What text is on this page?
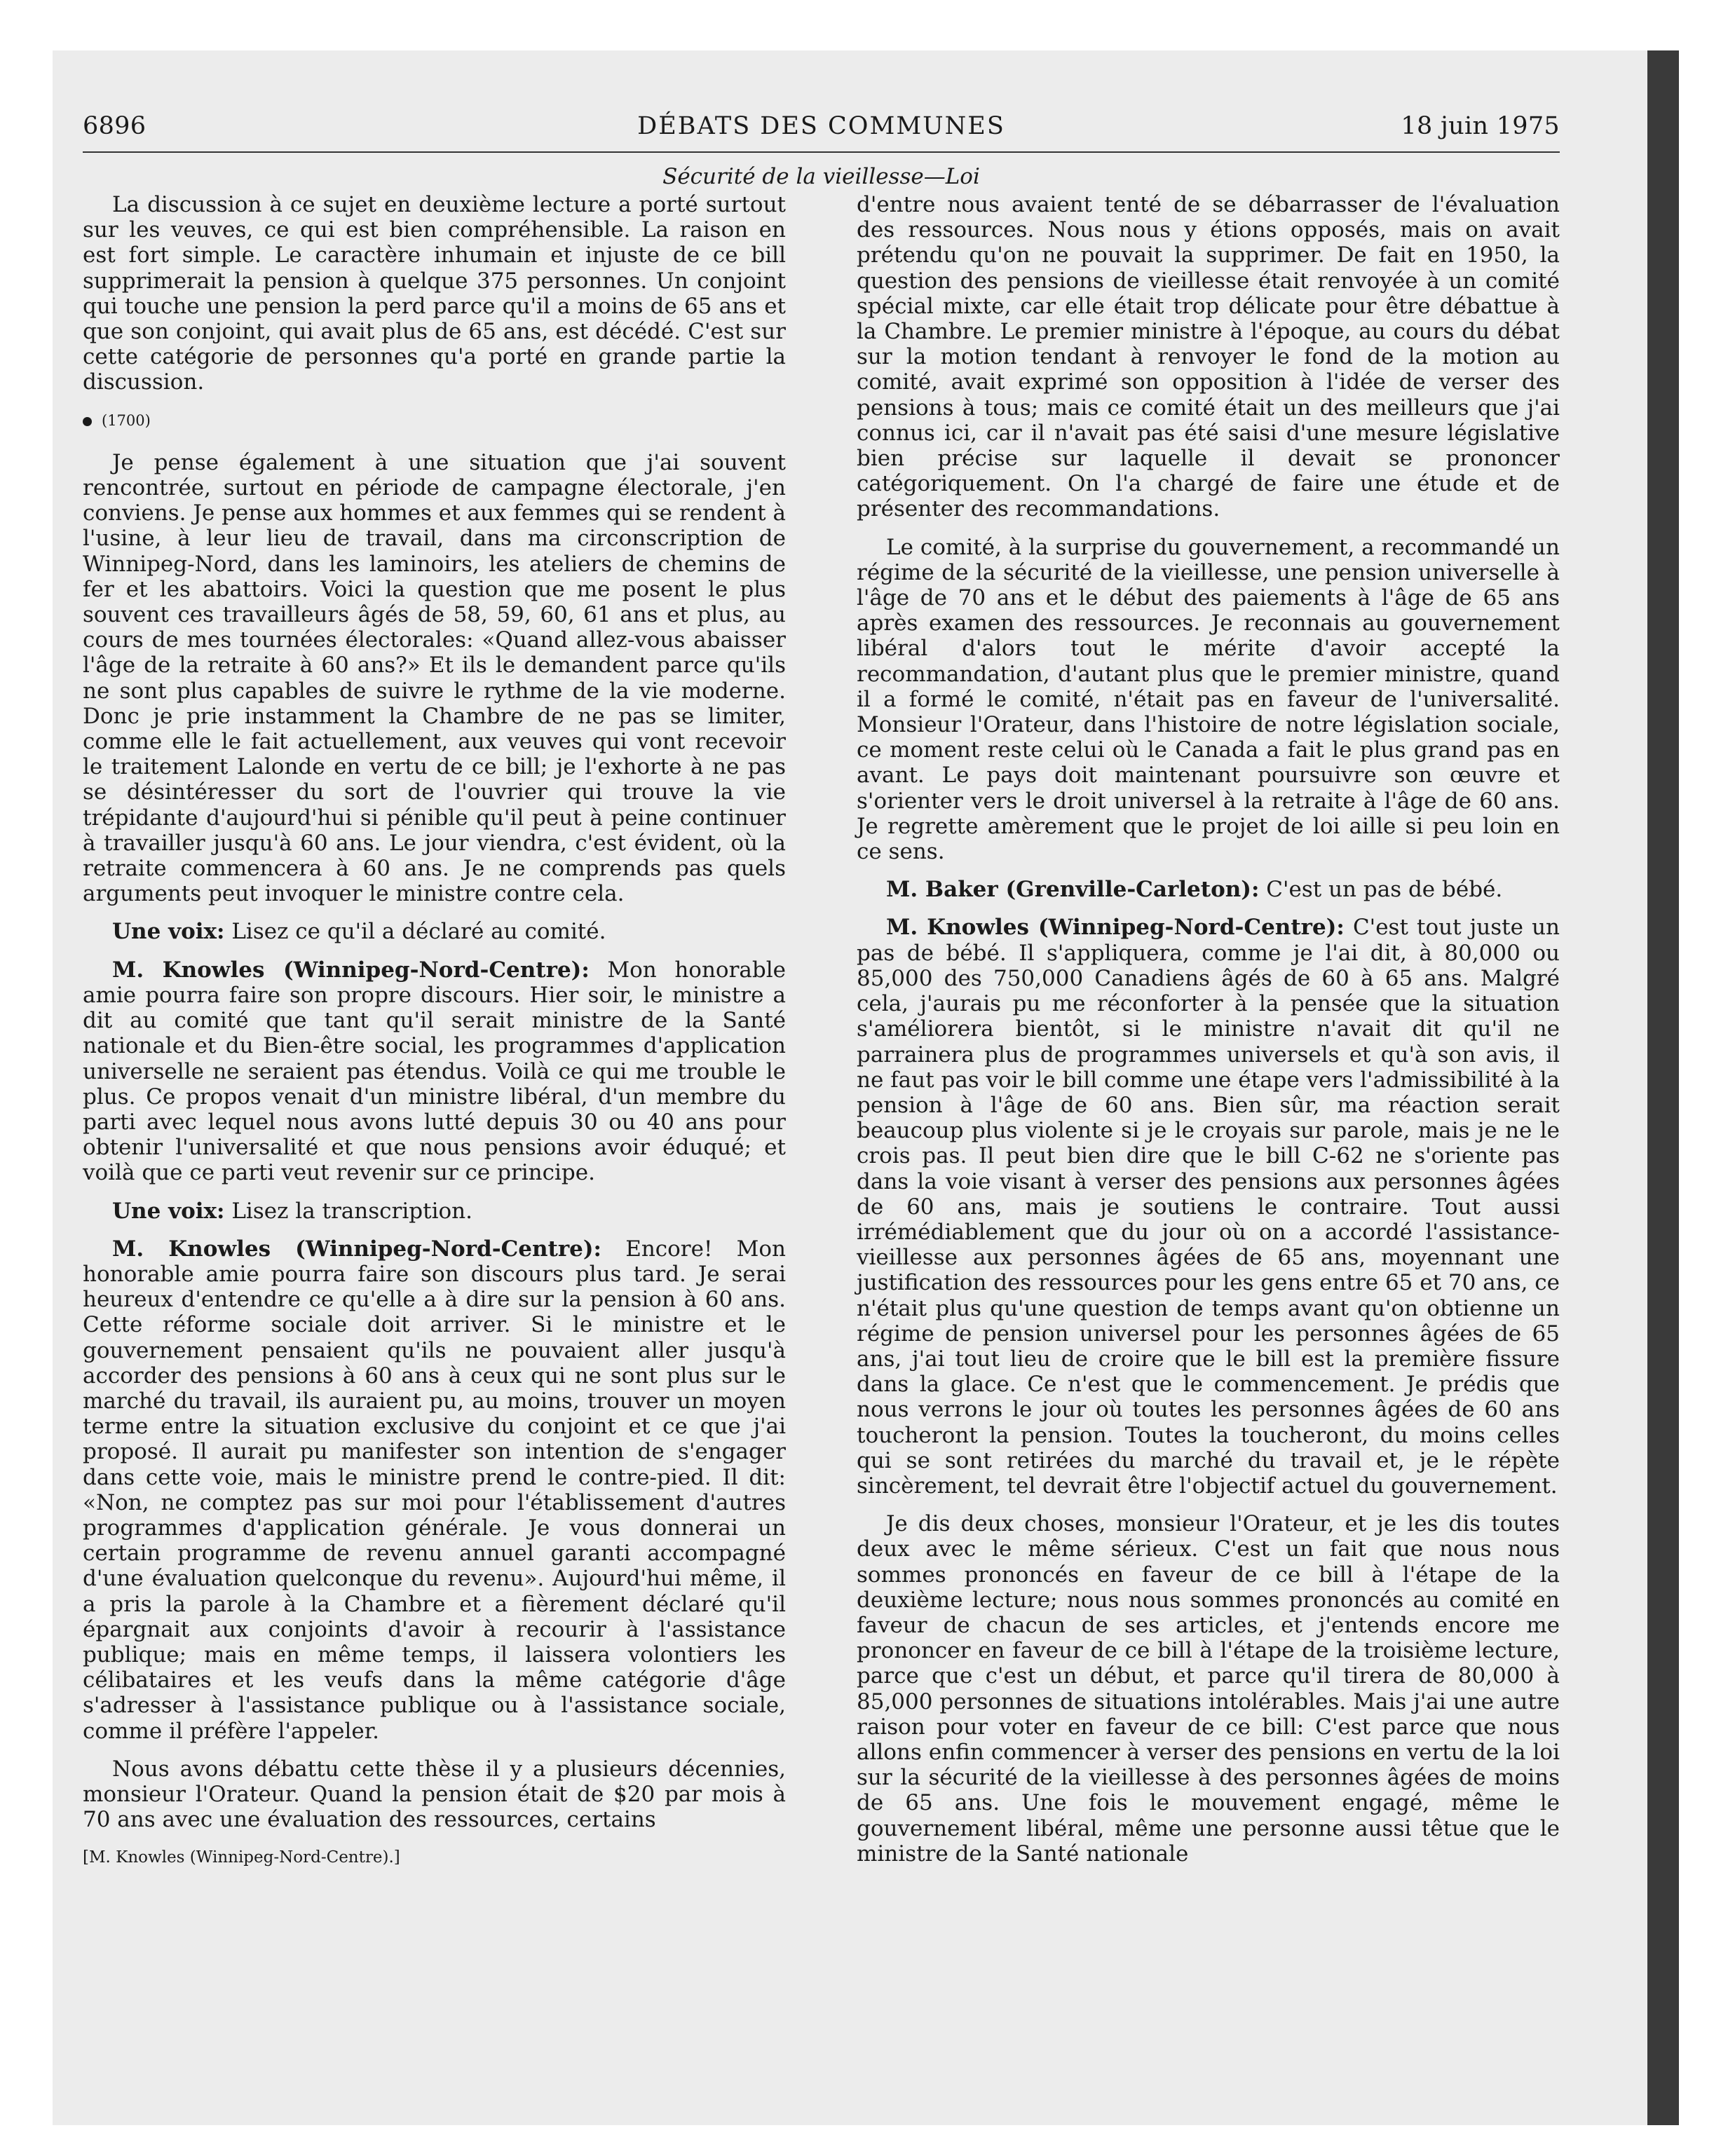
6896	DÉBATS DES COMMUNES	18 juin 1975
Sécurité de la vieillesse—Loi

La discussion à ce sujet en deuxième lecture a porté surtout sur les veuves, ce qui est bien compréhensible. La raison en est fort simple. Le caractère inhumain et injuste de ce bill supprimerait la pension à quelque 375 personnes. Un conjoint qui touche une pension la perd parce qu'il a moins de 65 ans et que son conjoint, qui avait plus de 65 ans, est décédé. C'est sur cette catégorie de personnes qu'a porté en grande partie la discussion.

(1700)

Je pense également à une situation que j'ai souvent rencontrée, surtout en période de campagne électorale, j'en conviens. Je pense aux hommes et aux femmes qui se rendent à l'usine, à leur lieu de travail, dans ma circonscription de Winnipeg-Nord, dans les laminoirs, les ateliers de chemins de fer et les abattoirs. Voici la question que me posent le plus souvent ces travailleurs âgés de 58, 59, 60, 61 ans et plus, au cours de mes tournées électorales: «Quand allez-vous abaisser l'âge de la retraite à 60 ans?» Et ils le demandent parce qu'ils ne sont plus capables de suivre le rythme de la vie moderne. Donc je prie instamment la Chambre de ne pas se limiter, comme elle le fait actuellement, aux veuves qui vont recevoir le traitement Lalonde en vertu de ce bill; je l'exhorte à ne pas se désintéresser du sort de l'ouvrier qui trouve la vie trépidante d'aujourd'hui si pénible qu'il peut à peine continuer à travailler jusqu'à 60 ans. Le jour viendra, c'est évident, où la retraite commencera à 60 ans. Je ne comprends pas quels arguments peut invoquer le ministre contre cela.

Une voix: Lisez ce qu'il a déclaré au comité.

M. Knowles (Winnipeg-Nord-Centre): Mon honorable amie pourra faire son propre discours. Hier soir, le ministre a dit au comité que tant qu'il serait ministre de la Santé nationale et du Bien-être social, les programmes d'application universelle ne seraient pas étendus. Voilà ce qui me trouble le plus. Ce propos venait d'un ministre libéral, d'un membre du parti avec lequel nous avons lutté depuis 30 ou 40 ans pour obtenir l'universalité et que nous pensions avoir éduqué; et voilà que ce parti veut revenir sur ce principe.

Une voix: Lisez la transcription.

M. Knowles (Winnipeg-Nord-Centre): Encore! Mon honorable amie pourra faire son discours plus tard. Je serai heureux d'entendre ce qu'elle a à dire sur la pension à 60 ans. Cette réforme sociale doit arriver. Si le ministre et le gouvernement pensaient qu'ils ne pouvaient aller jusqu'à accorder des pensions à 60 ans à ceux qui ne sont plus sur le marché du travail, ils auraient pu, au moins, trouver un moyen terme entre la situation exclusive du conjoint et ce que j'ai proposé. Il aurait pu manifester son intention de s'engager dans cette voie, mais le ministre prend le contre-pied. Il dit: «Non, ne comptez pas sur moi pour l'établissement d'autres programmes d'application générale. Je vous donnerai un certain programme de revenu annuel garanti accompagné d'une évaluation quelconque du revenu». Aujourd'hui même, il a pris la parole à la Chambre et a fièrement déclaré qu'il épargnait aux conjoints d'avoir à recourir à l'assistance publique; mais en même temps, il laissera volontiers les célibataires et les veufs dans la même catégorie d'âge s'adresser à l'assistance publique ou à l'assistance sociale, comme il préfère l'appeler.

Nous avons débattu cette thèse il y a plusieurs décennies, monsieur l'Orateur. Quand la pension était de $20 par mois à 70 ans avec une évaluation des ressources, certains

[M. Knowles (Winnipeg-Nord-Centre).]

d'entre nous avaient tenté de se débarrasser de l'évaluation des ressources. Nous nous y étions opposés, mais on avait prétendu qu'on ne pouvait la supprimer. De fait en 1950, la question des pensions de vieillesse était renvoyée à un comité spécial mixte, car elle était trop délicate pour être débattue à la Chambre. Le premier ministre à l'époque, au cours du débat sur la motion tendant à renvoyer le fond de la motion au comité, avait exprimé son opposition à l'idée de verser des pensions à tous; mais ce comité était un des meilleurs que j'ai connus ici, car il n'avait pas été saisi d'une mesure législative bien précise sur laquelle il devait se prononcer catégoriquement. On l'a chargé de faire une étude et de présenter des recommandations.

Le comité, à la surprise du gouvernement, a recommandé un régime de la sécurité de la vieillesse, une pension universelle à l'âge de 70 ans et le début des paiements à l'âge de 65 ans après examen des ressources. Je reconnais au gouvernement libéral d'alors tout le mérite d'avoir accepté la recommandation, d'autant plus que le premier ministre, quand il a formé le comité, n'était pas en faveur de l'universalité. Monsieur l'Orateur, dans l'histoire de notre législation sociale, ce moment reste celui où le Canada a fait le plus grand pas en avant. Le pays doit maintenant poursuivre son œuvre et s'orienter vers le droit universel à la retraite à l'âge de 60 ans. Je regrette amèrement que le projet de loi aille si peu loin en ce sens.

M. Baker (Grenville-Carleton): C'est un pas de bébé.

M. Knowles (Winnipeg-Nord-Centre): C'est tout juste un pas de bébé. Il s'appliquera, comme je l'ai dit, à 80,000 ou 85,000 des 750,000 Canadiens âgés de 60 à 65 ans. Malgré cela, j'aurais pu me réconforter à la pensée que la situation s'améliorera bientôt, si le ministre n'avait dit qu'il ne parrainera plus de programmes universels et qu'à son avis, il ne faut pas voir le bill comme une étape vers l'admissibilité à la pension à l'âge de 60 ans. Bien sûr, ma réaction serait beaucoup plus violente si je le croyais sur parole, mais je ne le crois pas. Il peut bien dire que le bill C-62 ne s'oriente pas dans la voie visant à verser des pensions aux personnes âgées de 60 ans, mais je soutiens le contraire. Tout aussi irrémédiablement que du jour où on a accordé l'assistance-vieillesse aux personnes âgées de 65 ans, moyennant une justification des ressources pour les gens entre 65 et 70 ans, ce n'était plus qu'une question de temps avant qu'on obtienne un régime de pension universel pour les personnes âgées de 65 ans, j'ai tout lieu de croire que le bill est la première fissure dans la glace. Ce n'est que le commencement. Je prédis que nous verrons le jour où toutes les personnes âgées de 60 ans toucheront la pension. Toutes la toucheront, du moins celles qui se sont retirées du marché du travail et, je le répète sincèrement, tel devrait être l'objectif actuel du gouvernement.

Je dis deux choses, monsieur l'Orateur, et je les dis toutes deux avec le même sérieux. C'est un fait que nous nous sommes prononcés en faveur de ce bill à l'étape de la deuxième lecture; nous nous sommes prononcés au comité en faveur de chacun de ses articles, et j'entends encore me prononcer en faveur de ce bill à l'étape de la troisième lecture, parce que c'est un début, et parce qu'il tirera de 80,000 à 85,000 personnes de situations intolérables. Mais j'ai une autre raison pour voter en faveur de ce bill: C'est parce que nous allons enfin commencer à verser des pensions en vertu de la loi sur la sécurité de la vieillesse à des personnes âgées de moins de 65 ans. Une fois le mouvement engagé, même le gouvernement libéral, même une personne aussi têtue que le ministre de la Santé nationale
